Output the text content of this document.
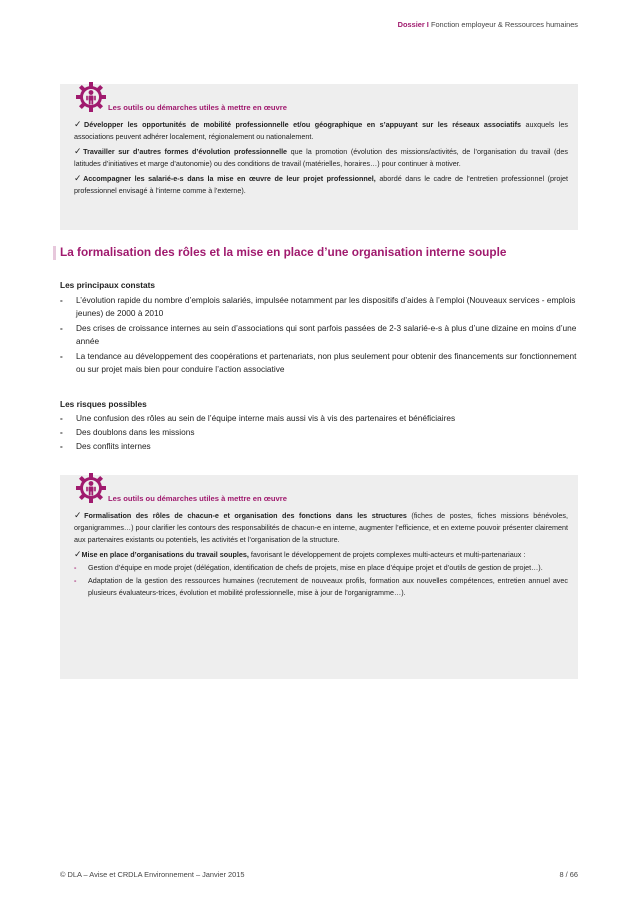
Dossier I Fonction employeur & Ressources humaines
Les outils ou démarches utiles à mettre en œuvre

✓Développer les opportunités de mobilité professionnelle et/ou géographique en s’appuyant sur les réseaux associatifs auxquels les associations peuvent adhérer localement, régionalement ou nationalement.

✓Travailler sur d’autres formes d’évolution professionnelle que la promotion (évolution des missions/activités, de l’organisation du travail (des latitudes d’initiatives et marge d’autonomie) ou des conditions de travail (matérielles, horaires…) pour continuer à motiver.

✓Accompagner les salarié-e-s dans la mise en œuvre de leur projet professionnel, abordé dans le cadre de l’entretien professionnel (projet professionnel envisagé à l’interne comme à l’externe).

La formalisation des rôles et la mise en place d’une organisation interne souple
Les principaux constats
- L’évolution rapide du nombre d’emplois salariés, impulsée notamment par les dispositifs d’aides à l’emploi (Nouveaux services - emplois jeunes) de 2000 à 2010
- Des crises de croissance internes au sein d’associations qui sont parfois passées de 2-3 salarié-e-s à plus d’une dizaine en moins d’une année
- La tendance au développement des coopérations et partenariats, non plus seulement pour obtenir des financements sur fonctionnement ou sur projet mais bien pour conduire l’action associative
Les risques possibles
- Une confusion des rôles au sein de l’équipe interne mais aussi vis à vis des partenaires et bénéficiaires
- Des doublons dans les missions
- Des conflits internes
Les outils ou démarches utiles à mettre en œuvre

✓Formalisation des rôles de chacun-e et organisation des fonctions dans les structures (fiches de postes, fiches missions bénévoles, organigrammes…) pour clarifier les contours des responsabilités de chacun-e en interne, augmenter l’efficience, et en externe pouvoir présenter clairement aux partenaires existants ou potentiels, les activités et l’organisation de la structure.

✓Mise en place d’organisations du travail souples, favorisant le développement de projets complexes multi-acteurs et multi-partenariaux :

- Gestion d’équipe en mode projet (délégation, identification de chefs de projets, mise en place d’équipe projet et d’outils de gestion de projet…).
- Adaptation de la gestion des ressources humaines (recrutement de nouveaux profils, formation aux nouvelles compétences, entretien annuel avec plusieurs évaluateurs-trices, évolution et mobilité professionnelle, mise à jour de l’organigramme…).
© DLA – Avise et CRDLA Environnement – Janvier 2015	8 / 66
